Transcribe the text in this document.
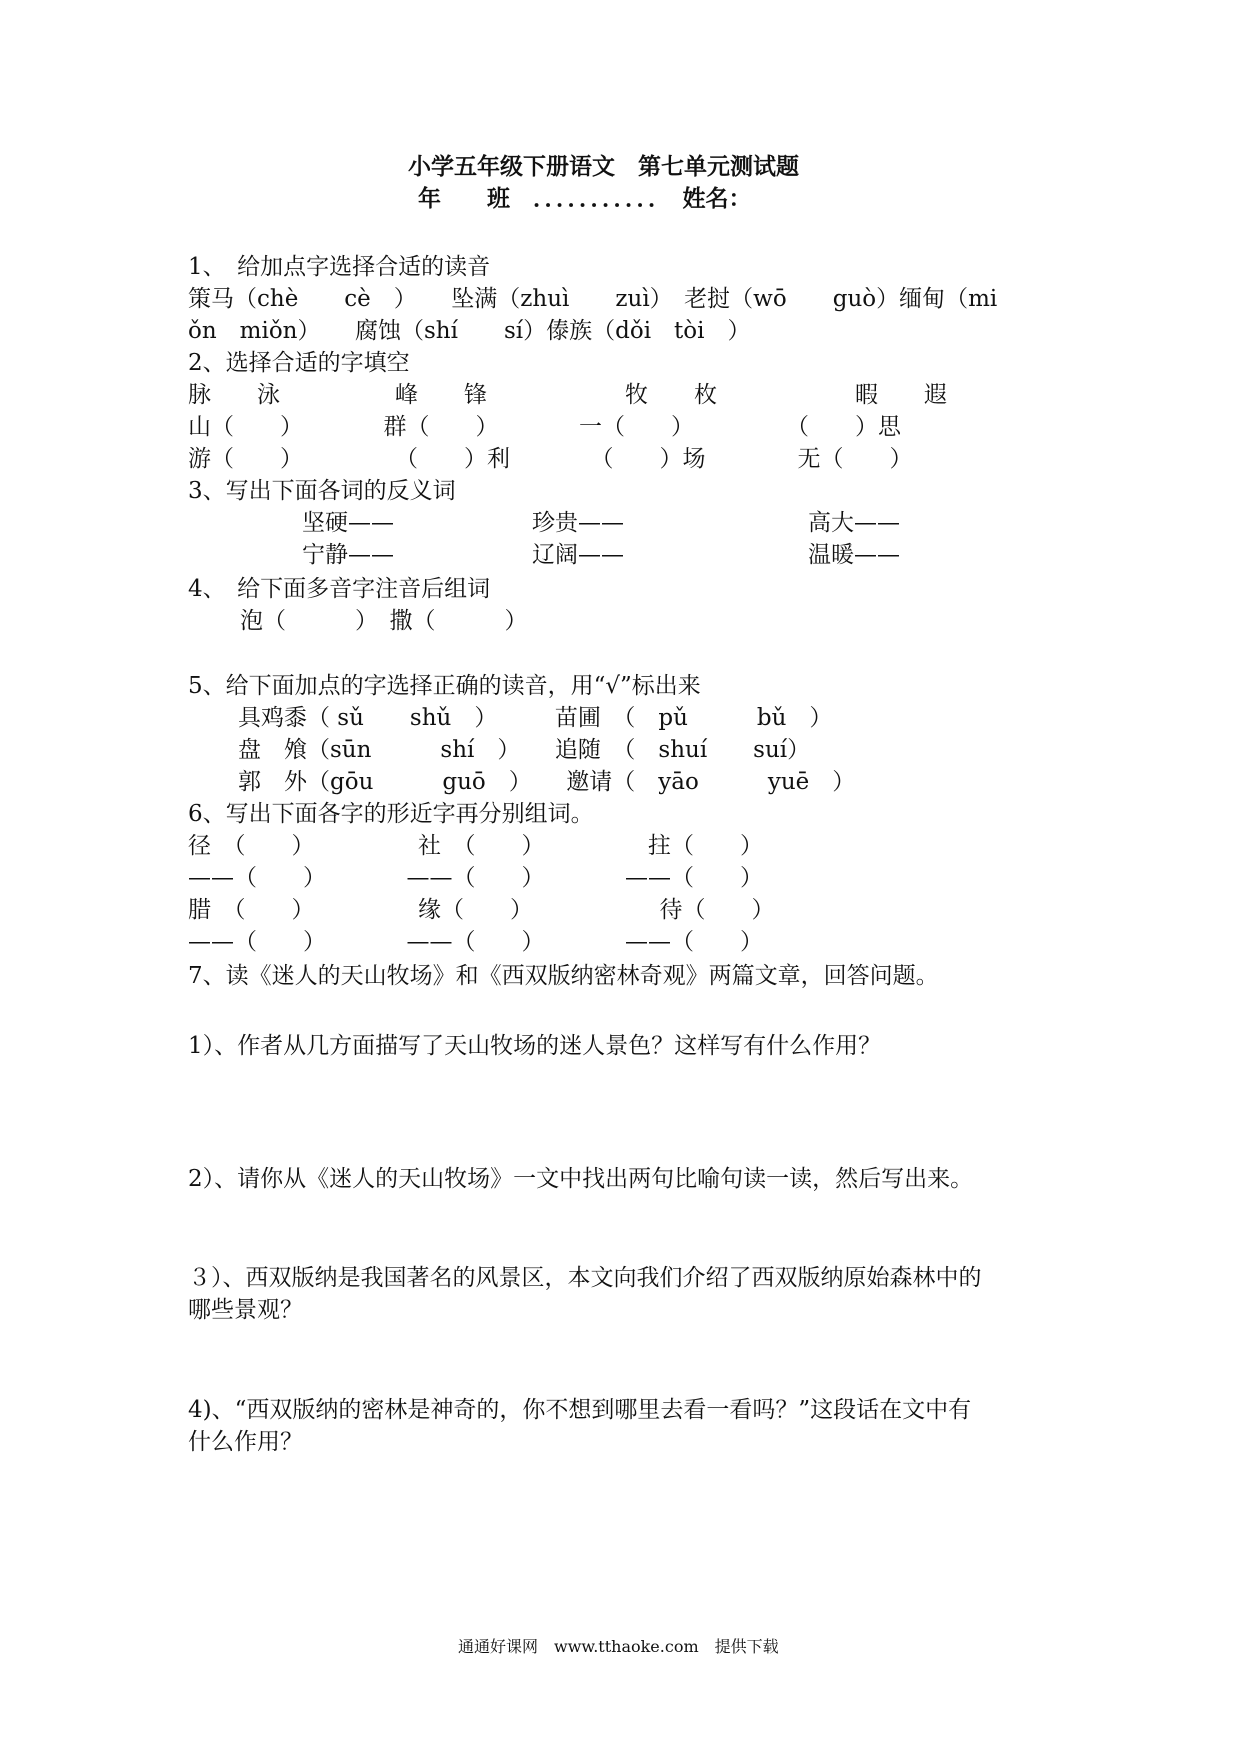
小学五年级下册语文　第七单元测试题
年　　班　．．．．．．．．．．．　姓名：
1、　给加点字选择合适的读音
策马（chè　　cè　）　　坠满（zhuì　　zuì）　老挝（wō　　guò）缅甸（mi
ǒn　miǒn）　　腐蚀（shí　　sí）傣族（dǒi　tòi　）
2、选择合适的字填空
脉　　泳　　　　　峰　　锋　　　　　　牧　　枚　　　　　　暇　　遐
山（　　）　　　　群（　　）　　　　一（　　）　　　　　（　　）思
游（　　）　　　　　（　　）利　　　　（　　）场　　　　无（　　）
3、写出下面各词的反义词
坚硬——　　　　　　珍贵——　　　　　　　　高大——
宁静——　　　　　　辽阔——　　　　　　　　温暖——
4、　给下面多音字注音后组词
泡（　　　）　撒（　　　）
5、给下面加点的字选择正确的读音，用“√”标出来
具鸡黍（ sǔ　　shǔ　）　　　苗圃　（　pǔ　　　bǔ　）
盘　飧（sūn　　　shí　）　　追随　（　shuí　　suí）
郭　外（gōu　　　guō　）　　邀请（　yāo　　　yuē　）
6、写出下面各字的形近字再分别组词。
径　（　　）　　　　　社　（　　）　　　　　拄（　　）
——（　　）　　　　——（　　）　　　　——（　　）
腊　（　　）　　　　　缘（　　）　　　　　　待（　　）
——（　　）　　　　——（　　）　　　　——（　　）
7、读《迷人的天山牧场》和《西双版纳密林奇观》两篇文章，回答问题。
1）、作者从几方面描写了天山牧场的迷人景色？这样写有什么作用？
2）、请你从《迷人的天山牧场》一文中找出两句比喻句读一读，然后写出来。
３）、西双版纳是我国著名的风景区，本文向我们介绍了西双版纳原始森林中的
哪些景观？
4)、“西双版纳的密林是神奇的，你不想到哪里去看一看吗？”这段话在文中有
什么作用？
通通好课网　www.tthaoke.com　提供下载
